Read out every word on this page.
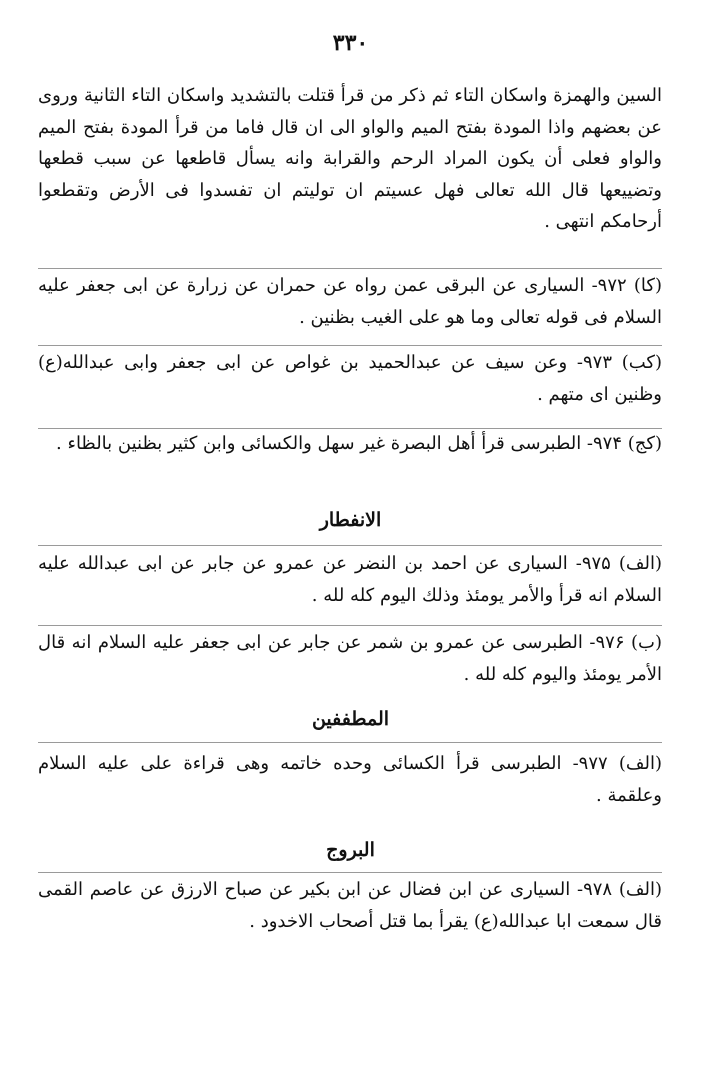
۳۳۰

السین والهمزة واسکان التاء ثم ذکر من قرأ قتلت بالتشدید واسکان التاء الثانیة وروی عن بعضهم واذا المودة بفتح المیم والواو الی ان قال فاما من قرأ المودة بفتح المیم والواو فعلی أن یکون المراد الرحم والقرابة وانه یسأل قاطعها عن سبب قطعها وتضییعها قال الله تعالی فهل عسیتم ان تولیتم ان تفسدوا فی الأرض وتقطعوا أرحامکم انتهی .

(کا) ۹۷۲- السیاری عن البرقی عمن رواه عن حمران عن زرارة عن ابی جعفر علیه السلام فی قوله تعالی وما هو علی الغیب بظنین .

(کب) ۹۷۳- وعن سیف عن عبدالحمید بن غواص عن ابی جعفر وابی عبدالله(ع) وظنین ای متهم .

(کج) ۹۷۴- الطبرسی قرأ أهل البصرة غیر سهل والکسائی وابن کثیر بظنین بالظاء .

الانفطار

(الف) ۹۷۵- السیاری عن احمد بن النضر عن عمرو عن جابر عن ابی عبدالله علیه السلام انه قرأ والأمر یومئذ وذلك الیوم کله لله .

(ب) ۹۷۶- الطبرسی عن عمرو بن شمر عن جابر عن ابی جعفر علیه السلام انه قال الأمر یومئذ والیوم کله لله .

المطففین

(الف) ۹۷۷- الطبرسی قرأ الکسائی وحده خاتمه وهی قراءة علی علیه السلام وعلقمة .

البروج

(الف) ۹۷۸- السیاری عن ابن فضال عن ابن بکیر عن صباح الارزق عن عاصم القمی قال سمعت ابا عبدالله(ع) یقرأ بما قتل أصحاب الاخدود .
